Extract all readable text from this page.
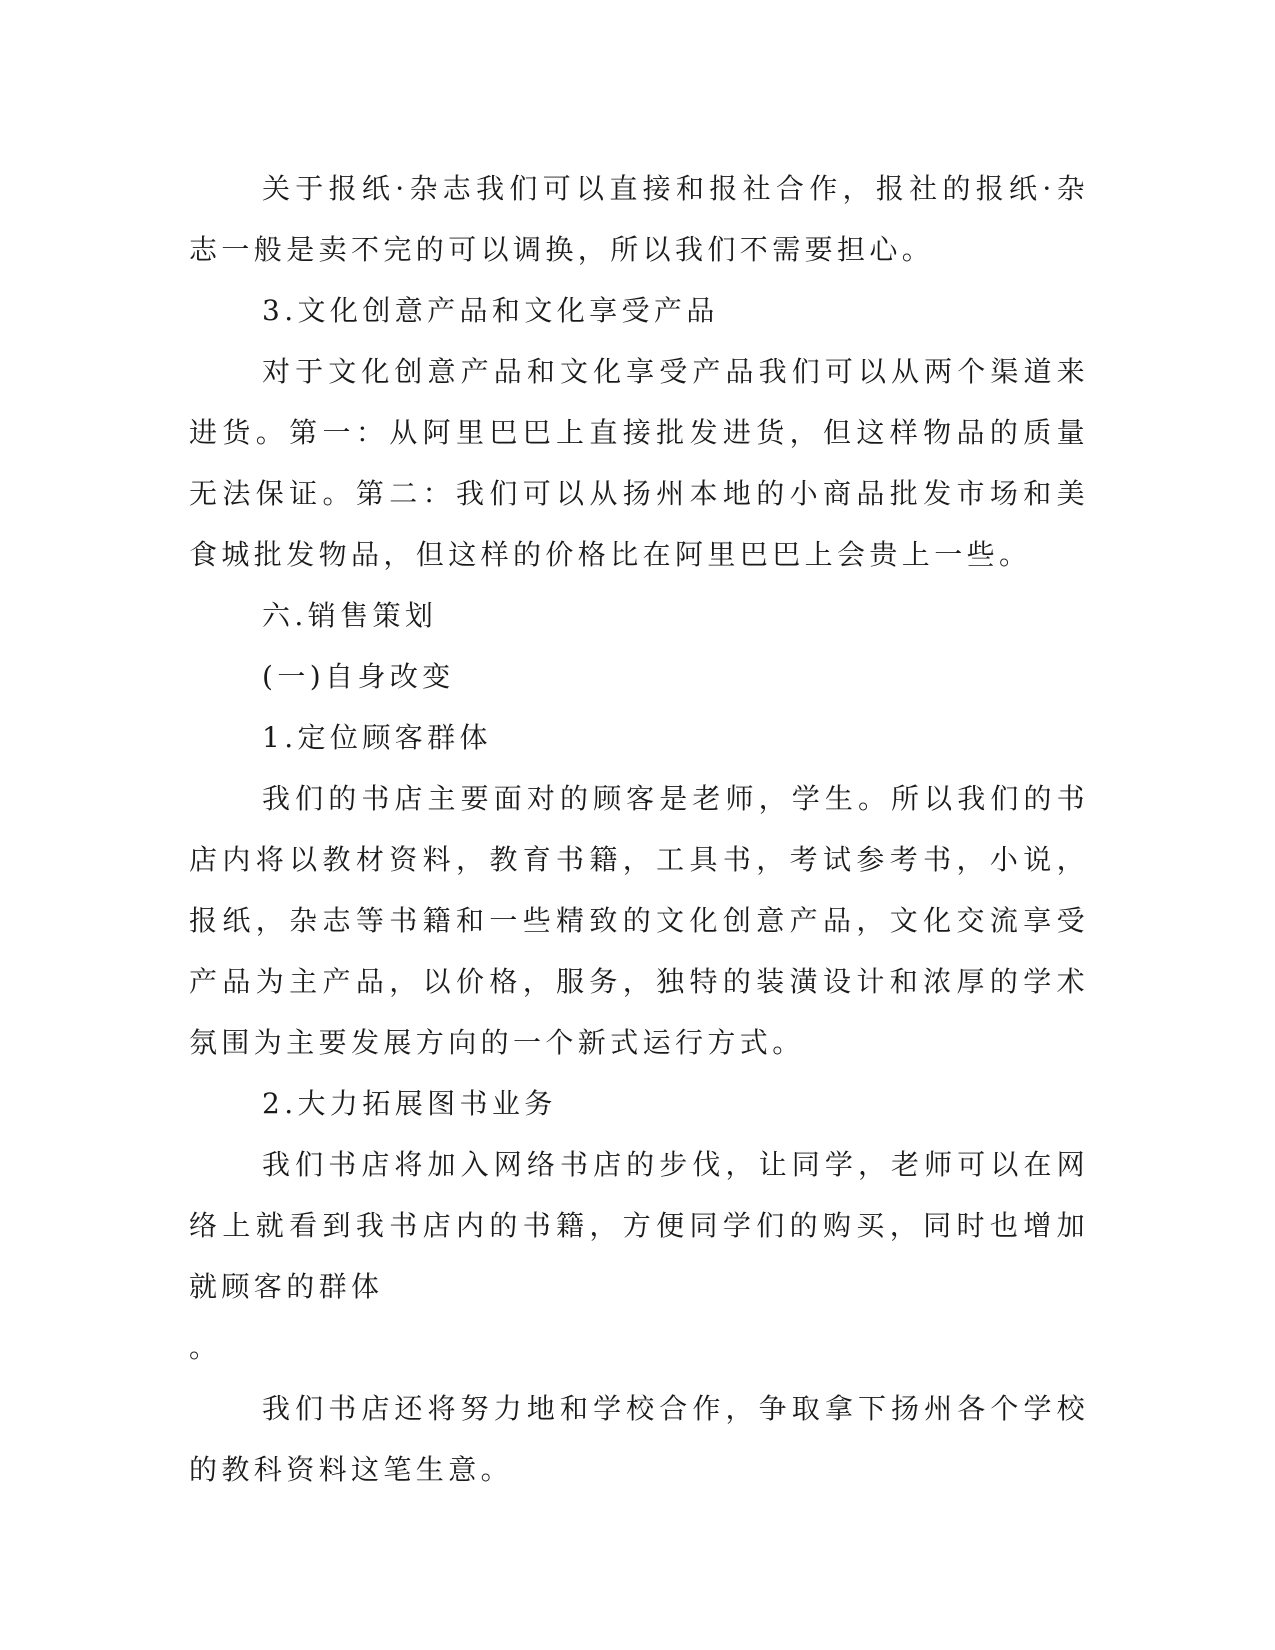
关于报纸·杂志我们可以直接和报社合作，报社的报纸·杂志一般是卖不完的可以调换，所以我们不需要担心。

3.文化创意产品和文化享受产品

对于文化创意产品和文化享受产品我们可以从两个渠道来进货。第一：从阿里巴巴上直接批发进货，但这样物品的质量无法保证。第二：我们可以从扬州本地的小商品批发市场和美食城批发物品，但这样的价格比在阿里巴巴上会贵上一些。

六.销售策划

(一)自身改变

1.定位顾客群体

我们的书店主要面对的顾客是老师，学生。所以我们的书店内将以教材资料，教育书籍，工具书，考试参考书，小说，报纸，杂志等书籍和一些精致的文化创意产品，文化交流享受产品为主产品，以价格，服务，独特的装潢设计和浓厚的学术氛围为主要发展方向的一个新式运行方式。

2.大力拓展图书业务

我们书店将加入网络书店的步伐，让同学，老师可以在网络上就看到我书店内的书籍，方便同学们的购买，同时也增加就顾客的群体

。

我们书店还将努力地和学校合作，争取拿下扬州各个学校的教科资料这笔生意。
